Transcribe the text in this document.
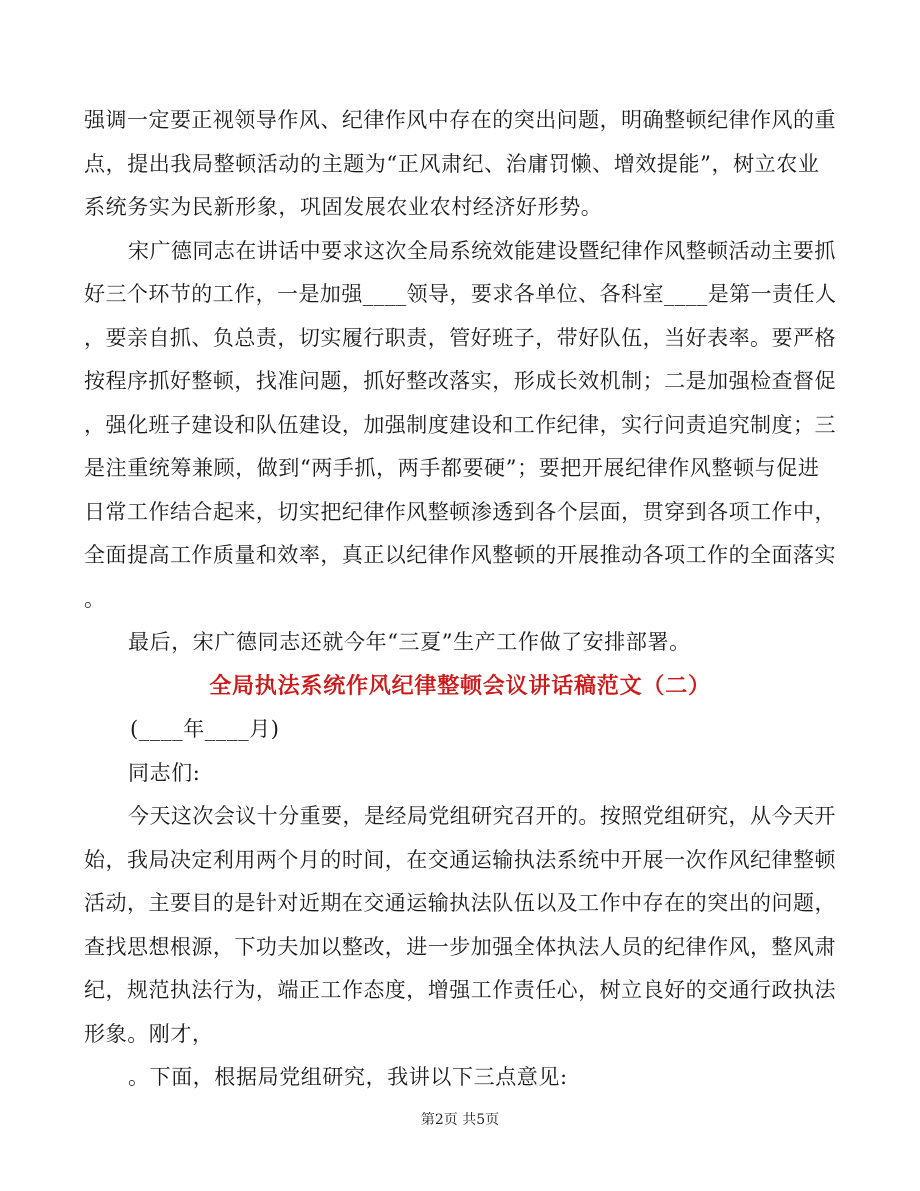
强调一定要正视领导作风、纪律作风中存在的突出问题，明确整顿纪律作风的重
点，提出我局整顿活动的主题为“正风肃纪、治庸罚懒、增效提能”，树立农业
系统务实为民新形象，巩固发展农业农村经济好形势。
宋广德同志在讲话中要求这次全局系统效能建设暨纪律作风整顿活动主要抓
好三个环节的工作，一是加强____领导，要求各单位、各科室____是第一责任人
，要亲自抓、负总责，切实履行职责，管好班子，带好队伍，当好表率。要严格
按程序抓好整顿，找准问题，抓好整改落实，形成长效机制；二是加强检查督促
，强化班子建设和队伍建设，加强制度建设和工作纪律，实行问责追究制度；三
是注重统筹兼顾，做到“两手抓，两手都要硬”；要把开展纪律作风整顿与促进
日常工作结合起来，切实把纪律作风整顿渗透到各个层面，贯穿到各项工作中，
全面提高工作质量和效率，真正以纪律作风整顿的开展推动各项工作的全面落实
。
最后，宋广德同志还就今年“三夏”生产工作做了安排部署。
全局执法系统作风纪律整顿会议讲话稿范文（二）
(____年____月)
同志们:
今天这次会议十分重要，是经局党组研究召开的。按照党组研究，从今天开
始，我局决定利用两个月的时间，在交通运输执法系统中开展一次作风纪律整顿
活动，主要目的是针对近期在交通运输执法队伍以及工作中存在的突出的问题，
查找思想根源，下功夫加以整改，进一步加强全体执法人员的纪律作风，整风肃
纪，规范执法行为，端正工作态度，增强工作责任心，树立良好的交通行政执法
形象。刚才，
。下面，根据局党组研究，我讲以下三点意见:
第2页 共5页
